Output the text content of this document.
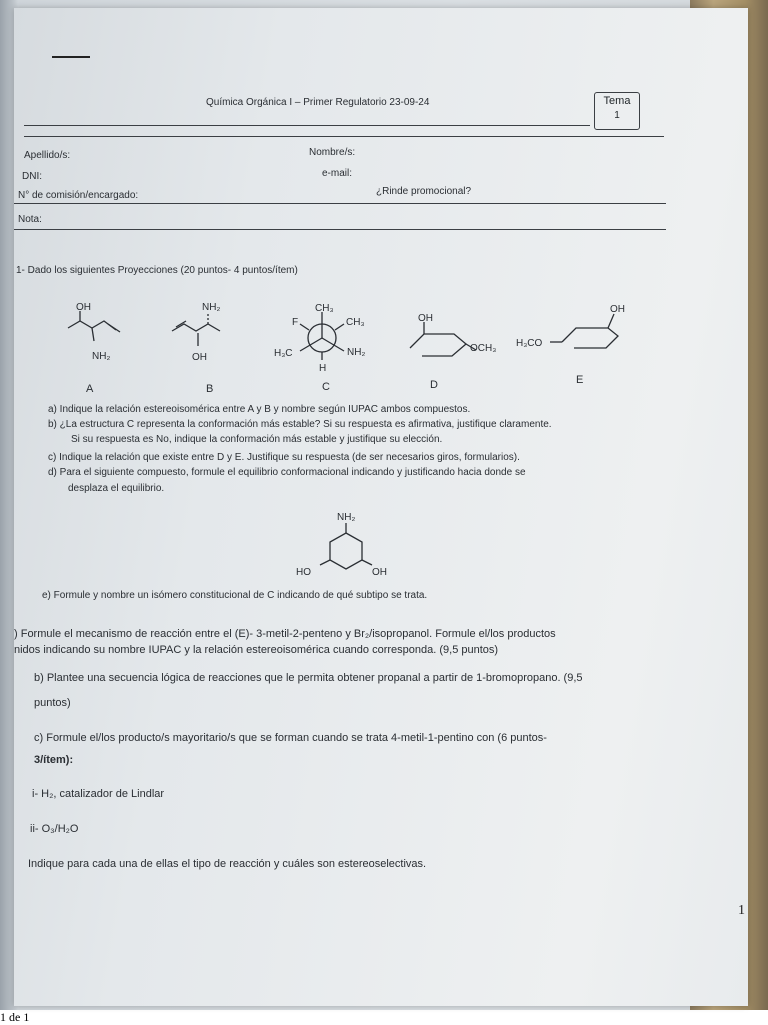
Química Orgánica I – Primer Regulatorio 23-09-24	Tema
1
Apellido/s:	Nombre/s:
DNI:	e-mail:
N° de comisión/encargado:	¿Rinde promocional?
Nota:
1- Dado los siguientes Proyecciones (20 puntos- 4 puntos/ítem)
OH
NH₂
NH₂
OH
CH₃
F	CH₃
H₃C	NH₂
H
OH
OCH₃ H₃CO
OH
A	B	C	D	E
a) Indique la relación estereoisomérica entre A y B y nombre según IUPAC ambos compuestos.
b) ¿La estructura C representa la conformación más estable? Si su respuesta es afirmativa, justifique claramente.
Si su respuesta es No, indique la conformación más estable y justifique su elección.
c) Indique la relación que existe entre D y E. Justifique su respuesta (de ser necesarios giros, formularios).
d) Para el siguiente compuesto, formule el equilibrio conformacional indicando y justificando hacia donde se
desplaza el equilibrio.
NH₂
HO	OH
e) Formule y nombre un isómero constitucional de C indicando de qué subtipo se trata.
) Formule el mecanismo de reacción entre el (E)- 3-metil-2-penteno y Br₂/isopropanol. Formule el/los productos
nidos indicando su nombre IUPAC y la relación estereoisomérica cuando corresponda. (9,5 puntos)
b) Plantee una secuencia lógica de reacciones que le permita obtener propanal a partir de 1-bromopropano. (9,5
puntos)
c) Formule el/los producto/s mayoritario/s que se forman cuando se trata 4-metil-1-pentino con (6 puntos-
3/ítem):
i- H₂, catalizador de Lindlar
ii- O₃/H₂O
Indique para cada una de ellas el tipo de reacción y cuáles son estereoselectivas.
1
1 de 1
